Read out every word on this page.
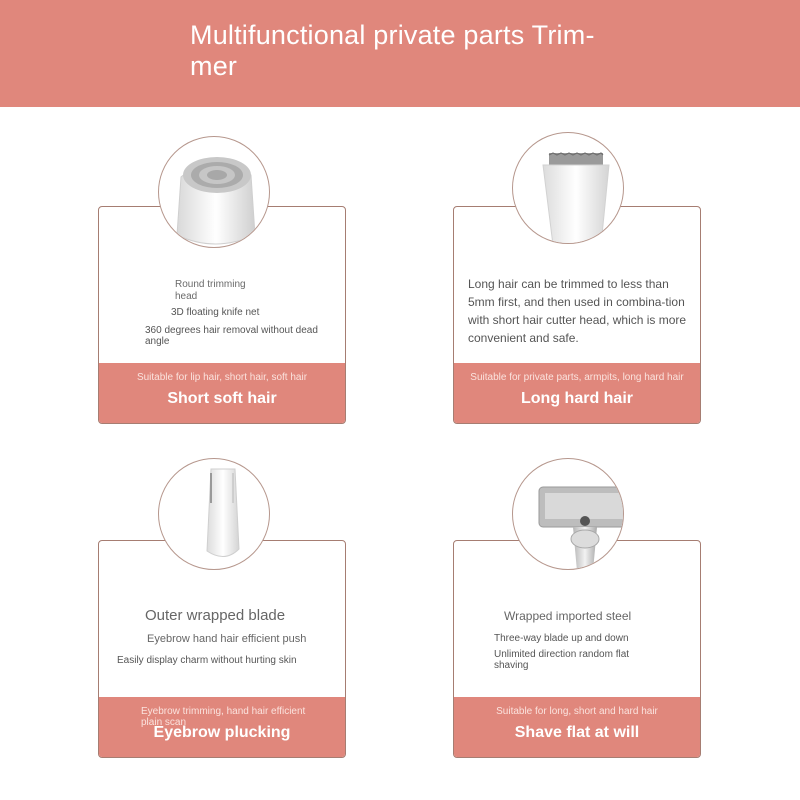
Multifunctional private parts Trim-mer
Round trimming head
3D floating knife net
360 degrees hair removal without dead angle
Suitable for lip hair, short hair, soft hair
Short soft hair
Long hair can be trimmed to less than 5mm first, and then used in combina-tion with short hair cutter head, which is more convenient and safe.
Suitable for private parts, armpits, long hard hair
Long hard hair
Outer wrapped blade
Eyebrow hand hair efficient push
Easily display charm without hurting skin
Eyebrow trimming, hand hair efficient plain scan
Eyebrow plucking
Wrapped imported steel
Three-way blade up and down
Unlimited direction random flat shaving
Suitable for long, short and hard hair
Shave flat at will
